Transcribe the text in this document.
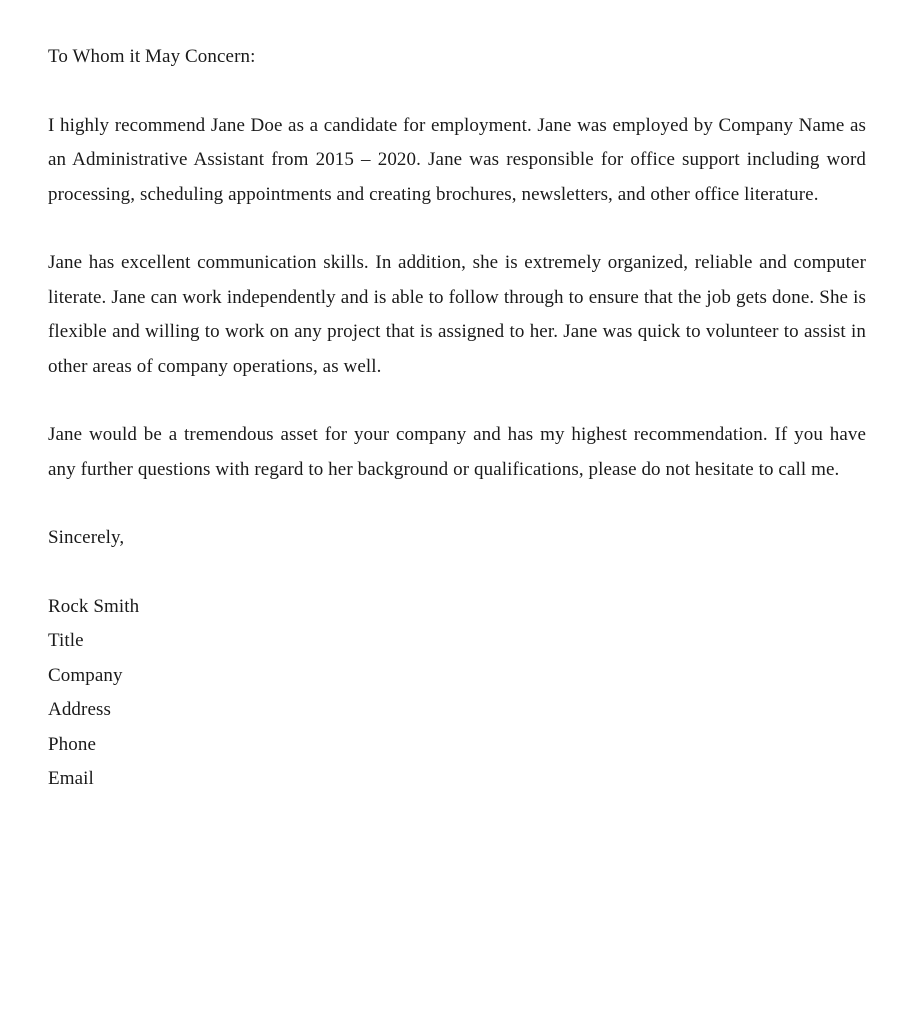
To Whom it May Concern:

I highly recommend Jane Doe as a candidate for employment. Jane was employed by Company Name as an Administrative Assistant from 2015 – 2020. Jane was responsible for office support including word processing, scheduling appointments and creating brochures, newsletters, and other office literature.

Jane has excellent communication skills. In addition, she is extremely organized, reliable and computer literate. Jane can work independently and is able to follow through to ensure that the job gets done. She is flexible and willing to work on any project that is assigned to her. Jane was quick to volunteer to assist in other areas of company operations, as well.

Jane would be a tremendous asset for your company and has my highest recommendation. If you have any further questions with regard to her background or qualifications, please do not hesitate to call me.

Sincerely,

Rock Smith
Title
Company
Address
Phone
Email
